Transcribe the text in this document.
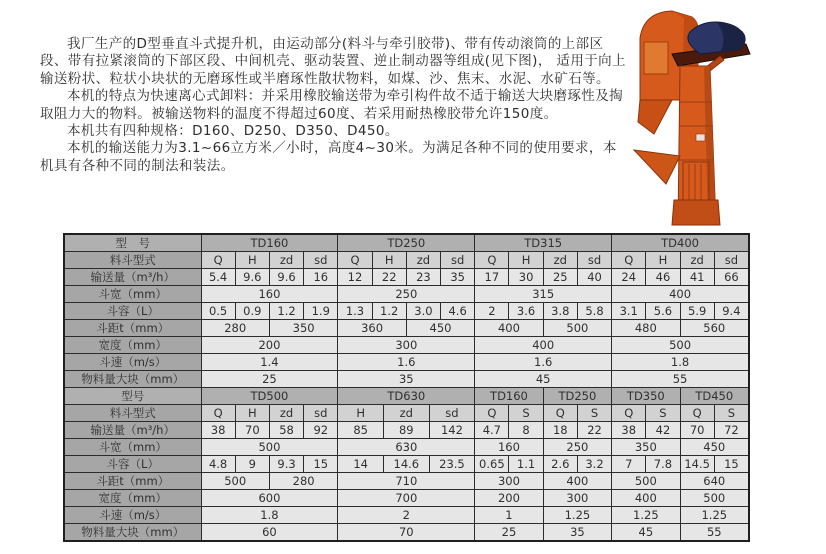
我厂生产的D型垂直斗式提升机，由运动部分(料斗与牵引胶带)、带有传动滚筒的上部区段、带有拉紧滚筒的下部区段、中间机壳、驱动装置、逆止制动器等组成(见下图)， 适用于向上输送粉状、粒状小块状的无磨琢性或半磨琢性散状物料，如煤、沙、焦末、水泥、水矿石等。

本机的特点为快速离心式卸料：并采用橡胶输送带为牵引构件故不适于输送大块磨琢性及掏取阻力大的物料。被输送物料的温度不得超过60度、若采用耐热橡胶带允许150度。

本机共有四种规格：D160、D250、D350、D450。

本机的输送能力为3.1~66立方米／小时，高度4~30米。为满足各种不同的使用要求，本机具有各种不同的制法和装法。

型　号	TD160				TD250						TD315				TD400			
料斗型式	Q	H	zd	sd	Q	H		zd		sd	Q	H	zd	sd	Q	H	zd	sd
输送量（m³/h）	5.4	9.6	9.6	16	12	22		23		35	17	30	25	40	24	46	41	66
斗宽（mm）	160				250						315				400			
斗容（L）	0.5	0.9	1.2	1.9	1.3	1.2		3.0		4.6	2	3.6	3.8	5.8	3.1	5.6	5.9	9.4
斗距t（mm）	280		350		360			450			400		500		480		560	
宽度（mm）	200				300						400				500			
斗速（m/s）	1.4				1.6						1.6				1.8			
物料量大块（mm）	25				35						45				55			
型号	TD500				TD630						TD160		TD250		TD350		TD450	
料斗型式	Q	H	zd	sd	H		zd		sd		Q	S	Q	S	Q	S	Q	S
输送量（m³/h）	38	70	58	92	85		89		142		4.7	8	18	22	38	42	70	72
斗宽（mm）	500				630						160		250		350		450	
斗容（L）	4.8	9	9.3	15	14		14.6		23.5		0.65	1.1	2.6	3.2	7	7.8	14.5	15
斗距t（mm）	500		280		710						300		400		500		640	
宽度（mm）	600				700						200		300		400		500	
斗速（m/s）	1.8				2						1		1.25		1.25		1.25	
物料量大块（mm）	60				70						25		35		45		55	
